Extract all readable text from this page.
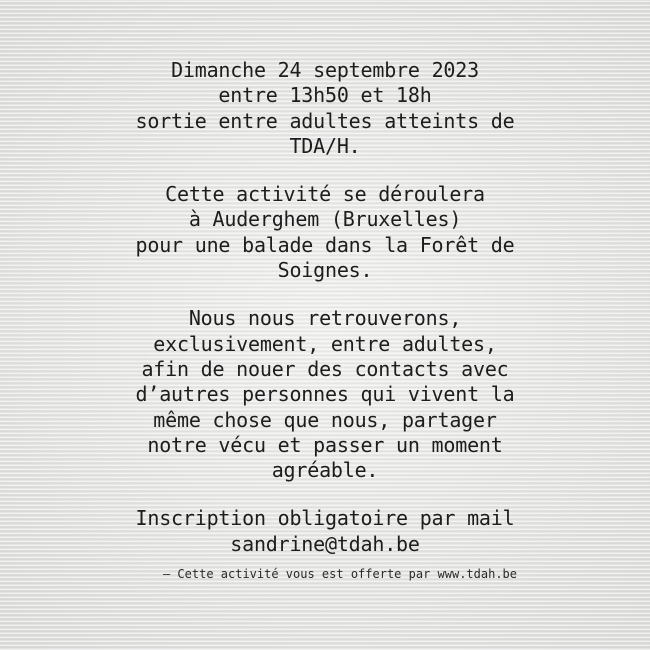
Dimanche 24 septembre 2023
entre 13h50 et 18h
sortie entre adultes atteints de
TDA/H.
Cette activité se déroulera
à Auderghem (Bruxelles)
pour une balade dans la Forêt de
Soignes.
Nous nous retrouverons,
exclusivement, entre adultes,
afin de nouer des contacts avec
d’autres personnes qui vivent la
même chose que nous, partager
notre vécu et passer un moment
agréable.
Inscription obligatoire par mail
sandrine@tdah.be
– Cette activité vous est offerte par www.tdah.be
